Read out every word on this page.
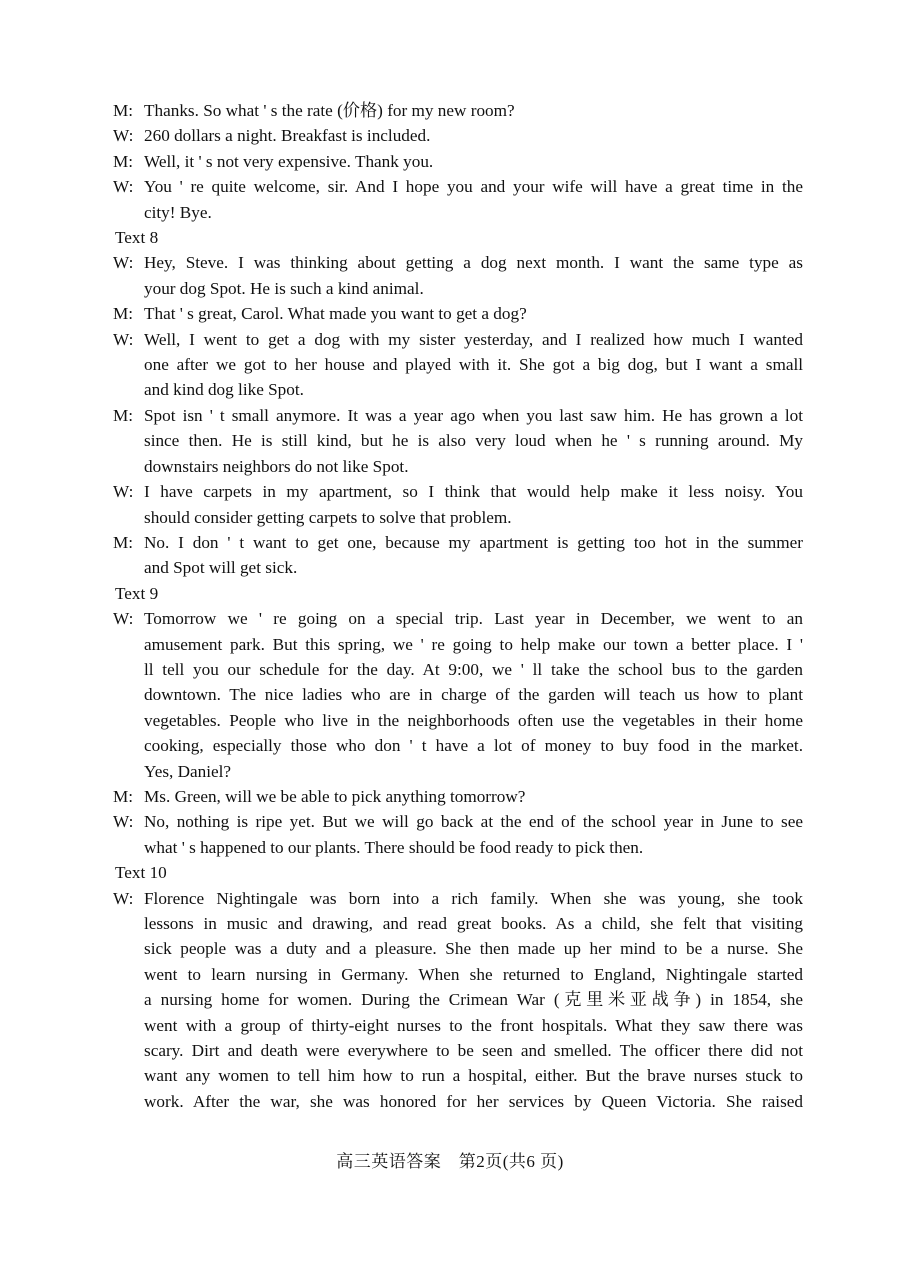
M: Thanks. So what ' s the rate (价格) for my new room?
W: 260 dollars a night. Breakfast is included.
M: Well, it ' s not very expensive. Thank you.
W: You ' re quite welcome, sir. And I hope you and your wife will have a great time in the
city! Bye.
Text 8
W: Hey, Steve. I was thinking about getting a dog next month. I want the same type as
your dog Spot. He is such a kind animal.
M: That ' s great, Carol. What made you want to get a dog?
W: Well, I went to get a dog with my sister yesterday, and I realized how much I wanted
one after we got to her house and played with it. She got a big dog, but I want a small
and kind dog like Spot.
M: Spot isn ' t small anymore. It was a year ago when you last saw him. He has grown a lot
since then. He is still kind, but he is also very loud when he ' s running around. My
downstairs neighbors do not like Spot.
W: I have carpets in my apartment, so I think that would help make it less noisy. You
should consider getting carpets to solve that problem.
M: No. I don ' t want to get one, because my apartment is getting too hot in the summer
and Spot will get sick.
Text 9
W: Tomorrow we ' re going on a special trip. Last year in December, we went to an
amusement park. But this spring, we ' re going to help make our town a better place. I '
ll tell you our schedule for the day. At 9:00, we ' ll take the school bus to the garden
downtown. The nice ladies who are in charge of the garden will teach us how to plant
vegetables. People who live in the neighborhoods often use the vegetables in their home
cooking, especially those who don ' t have a lot of money to buy food in the market.
Yes, Daniel?
M: Ms. Green, will we be able to pick anything tomorrow?
W: No, nothing is ripe yet. But we will go back at the end of the school year in June to see
what ' s happened to our plants. There should be food ready to pick then.
Text 10
W: Florence Nightingale was born into a rich family. When she was young, she took
lessons in music and drawing, and read great books. As a child, she felt that visiting
sick people was a duty and a pleasure. She then made up her mind to be a nurse. She
went to learn nursing in Germany. When she returned to England, Nightingale started
a nursing home for women. During the Crimean War (克里米亚战争) in 1854, she
went with a group of thirty-eight nurses to the front hospitals. What they saw there was
scary. Dirt and death were everywhere to be seen and smelled. The officer there did not
want any women to tell him how to run a hospital, either. But the brave nurses stuck to
work. After the war, she was honored for her services by Queen Victoria. She raised
高三英语答案　第2页(共6 页)
